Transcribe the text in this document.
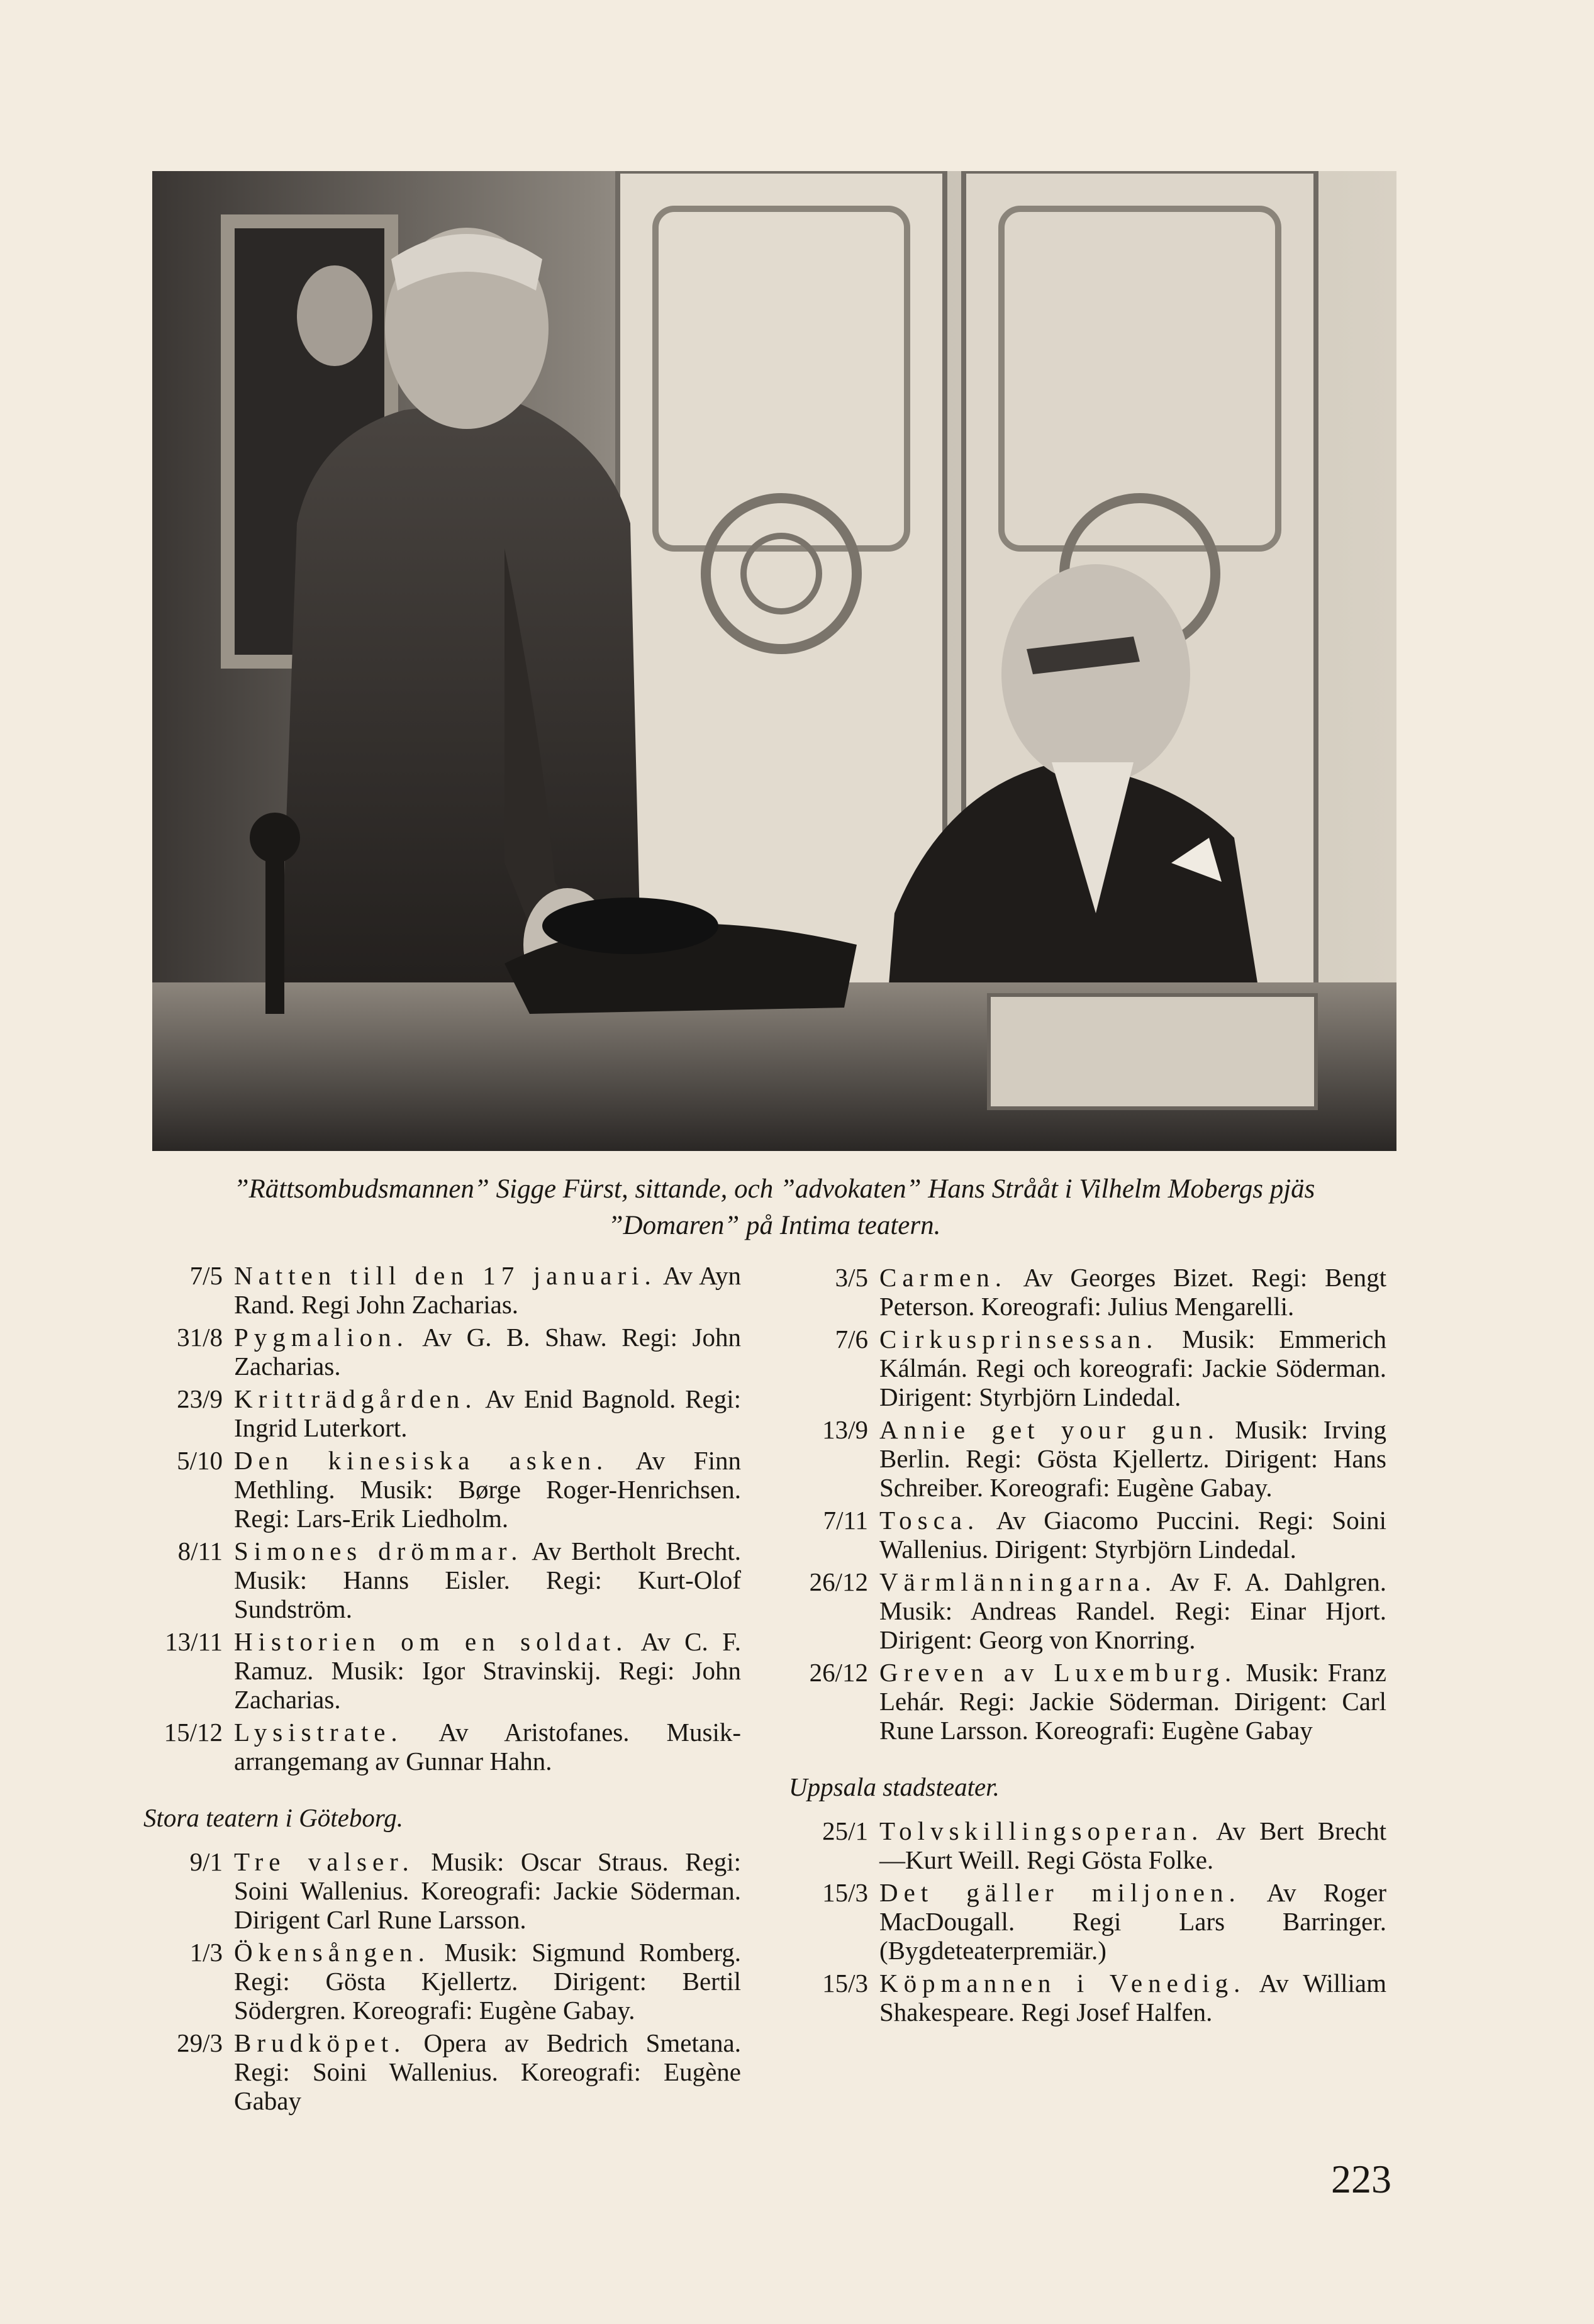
”Rättsombudsmannen” Sigge Fürst, sittande, och ”advokaten” Hans Strååt i Vilhelm Mobergs pjäs
”Domaren” på Intima teatern.
7/5 Natten till den 17 januari. Av Ayn Rand. Regi John Zacharias.
31/8 Pygmalion. Av G. B. Shaw. Regi: John Zacharias.
23/9 Kritträdgården. Av Enid Bagnold. Regi: Ingrid Luterkort.
5/10 Den kinesiska asken. Av Finn Methling. Musik: Børge Roger-Henrichsen. Regi: Lars-Erik Liedholm.
8/11 Simones drömmar. Av Bertholt Brecht. Musik: Hanns Eisler. Regi: Kurt-Olof Sundström.
13/11 Historien om en soldat. Av C. F. Ramuz. Musik: Igor Stravinskij. Regi: John Zacharias.
15/12 Lysistrate. Av Aristofanes. Musik-arrangemang av Gunnar Hahn.
Stora teatern i Göteborg.
9/1 Tre valser. Musik: Oscar Straus. Regi: Soini Wallenius. Koreografi: Jackie Söderman. Dirigent Carl Rune Larsson.
1/3 Ökensången. Musik: Sigmund Romberg. Regi: Gösta Kjellertz. Dirigent: Bertil Södergren. Koreografi: Eugène Gabay.
29/3 Brudköpet. Opera av Bedrich Smetana. Regi: Soini Wallenius. Koreografi: Eugène Gabay
3/5 Carmen. Av Georges Bizet. Regi: Bengt Peterson. Koreografi: Julius Mengarelli.
7/6 Cirkusprinsessan. Musik: Emmerich Kálmán. Regi och koreografi: Jackie Söderman. Dirigent: Styrbjörn Lindedal.
13/9 Annie get your gun. Musik: Irving Berlin. Regi: Gösta Kjellertz. Dirigent: Hans Schreiber. Koreografi: Eugène Gabay.
7/11 Tosca. Av Giacomo Puccini. Regi: Soini Wallenius. Dirigent: Styrbjörn Lindedal.
26/12 Värmlänningarna. Av F. A. Dahlgren. Musik: Andreas Randel. Regi: Einar Hjort. Dirigent: Georg von Knorring.
26/12 Greven av Luxemburg. Musik: Franz Lehár. Regi: Jackie Söderman. Dirigent: Carl Rune Larsson. Koreografi: Eugène Gabay
Uppsala stadsteater.
25/1 Tolvskillingsoperan. Av Bert Brecht—Kurt Weill. Regi Gösta Folke.
15/3 Det gäller miljonen. Av Roger MacDougall. Regi Lars Barringer. (Bygdeteaterpremiär.)
15/3 Köpmannen i Venedig. Av William Shakespeare. Regi Josef Halfen.
223
